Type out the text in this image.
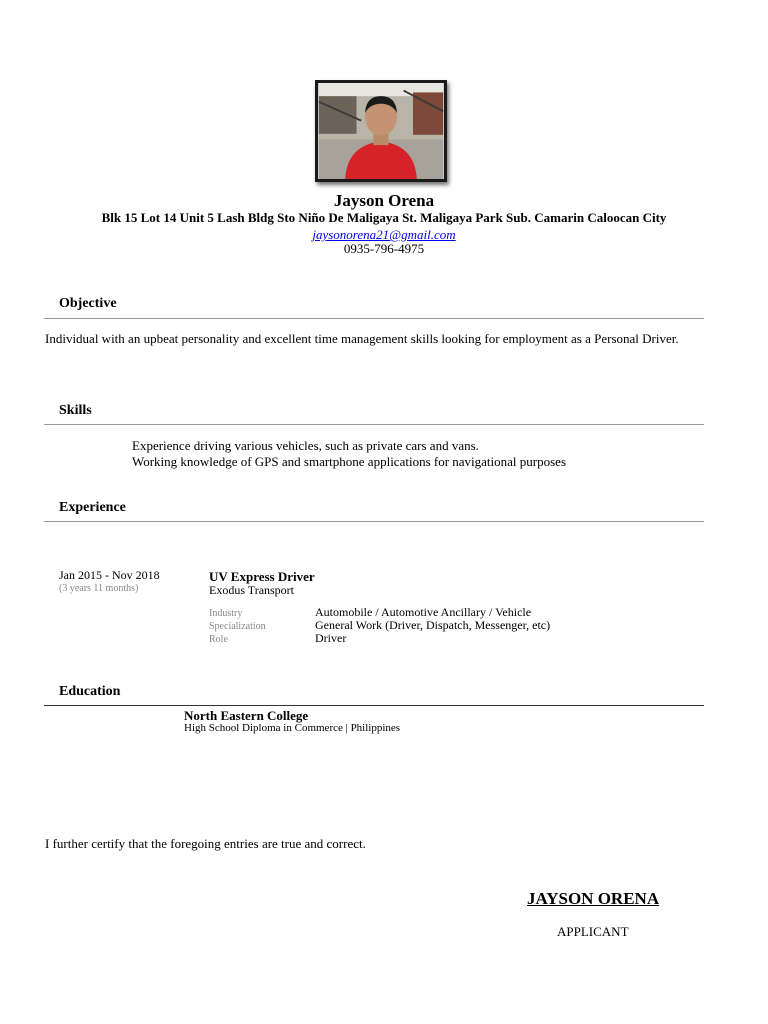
Jayson Orena
Blk 15 Lot 14 Unit 5 Lash Bldg Sto Niño De Maligaya St. Maligaya Park Sub. Camarin Caloocan City
jaysonorena21@gmail.com
0935-796-4975
Objective
Individual with an upbeat personality and excellent time management skills looking for employment as a Personal Driver.
Skills
Experience driving various vehicles, such as private cars and vans.
Working knowledge of GPS and smartphone applications for navigational purposes
Experience
Jan 2015 - Nov 2018
(3 years 11 months)
UV Express Driver
Exodus Transport
Industry	Automobile / Automotive Ancillary / Vehicle
Specialization	General Work (Driver, Dispatch, Messenger, etc)
Role	Driver
Education
North Eastern College
High School Diploma in Commerce | Philippines
I further certify that the foregoing entries are true and correct.
JAYSON ORENA
APPLICANT
